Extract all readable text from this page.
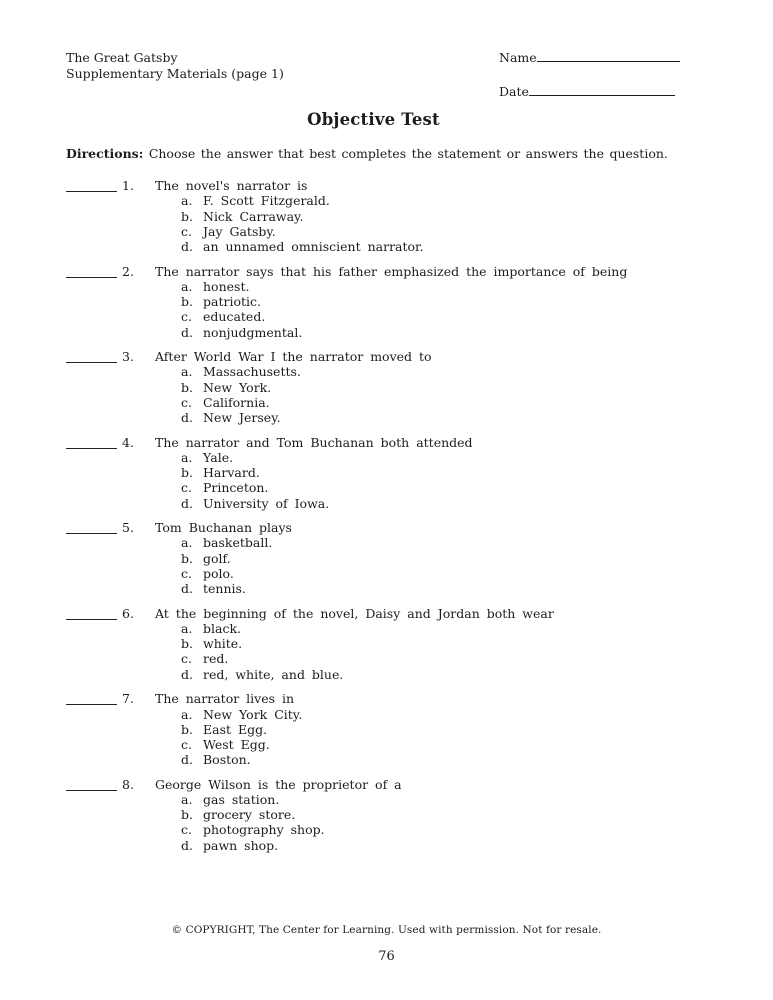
The Great Gatsby
Supplementary Materials (page 1)
Name
Date
Objective Test
Directions: Choose the answer that best completes the statement or answers the question.
1.	The novel's narrator is
a. F. Scott Fitzgerald.
b. Nick Carraway.
c. Jay Gatsby.
d. an unnamed omniscient narrator.
2.	The narrator says that his father emphasized the importance of being
a. honest.
b. patriotic.
c. educated.
d. nonjudgmental.
3.	After World War I the narrator moved to
a. Massachusetts.
b. New York.
c. California.
d. New Jersey.
4.	The narrator and Tom Buchanan both attended
a. Yale.
b. Harvard.
c. Princeton.
d. University of Iowa.
5.	Tom Buchanan plays
a. basketball.
b. golf.
c. polo.
d. tennis.
6.	At the beginning of the novel, Daisy and Jordan both wear
a. black.
b. white.
c. red.
d. red, white, and blue.
7.	The narrator lives in
a. New York City.
b. East Egg.
c. West Egg.
d. Boston.
8.	George Wilson is the proprietor of a
a. gas station.
b. grocery store.
c. photography shop.
d. pawn shop.
© COPYRIGHT, The Center for Learning. Used with permission. Not for resale.
76
